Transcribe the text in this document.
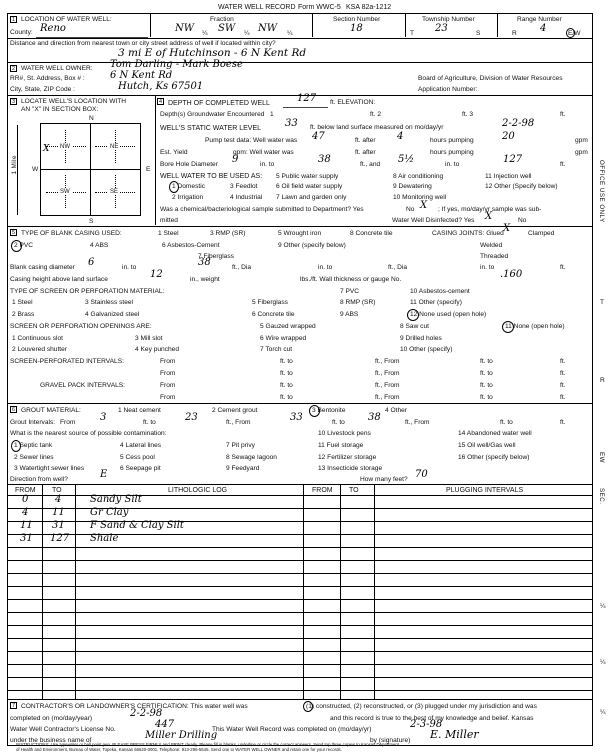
WATER WELL RECORD Form WWC-5 KSA 82a-1212
1 LOCATION OF WATER WELL:	Fraction	Section Number	Township Number	Range Number
County: Reno	NW ¼ SW ¼ NW ¼	18	T 23	S	R 4	E/W
Distance and direction from nearest town or city street address of well if located within city?
3 mi E of Hutchinson - 6 N Kent Rd
2 WATER WELL OWNER: Tom Darling - Mark Boese
RR#, St. Address, Box # :	6 N Kent Rd	Board of Agriculture, Division of Water Resources
City, State, ZIP Code :	Hutch, Ks 67501	Application Number:
3 LOCATE WELL'S LOCATION WITH
AN "X" IN SECTION BOX:
N
S
W	E
1 Mile
NW	NE
SW	SE
X
4 DEPTH OF COMPLETED WELL	127 ft. ELEVATION:
Depth(s) Groundwater Encountered 1	ft. 2	ft. 3	ft.
WELL'S STATIC WATER LEVEL 33 ft. below land surface measured on mo/day/yr	2-2-98
Pump test data: Well water was 47	ft. after 4	hours pumping	20	gpm
Est. Yield	gpm: Well water was	ft. after	hours pumping	gpm
Bore Hole Diameter 9	in. to	38	ft., and 5½	in. to	127	ft.
WELL WATER TO BE USED AS:
1 Domestic	3 Feedlot
5 Public water supply	8 Air conditioning	11 Injection well
2 Irrigation	4 Industrial
6 Oil field water supply	9 Dewatering	12 Other (Specify below)
7 Lawn and garden only	10 Monitoring well
Was a chemical/bacteriological sample submitted to Department? Yes	No X ; If yes, mo/day/yr sample was sub-
mitted	Water Well Disinfected? Yes X	No
5 TYPE OF BLANK CASING USED:	1 Steel	3 RMP (SR)	5 Wrought iron	8 Concrete tile	CASING JOINTS: Glued X	Clamped
2 PVC	4 ABS	6 Asbestos-Cement	9 Other (specify below)	Welded
7 Fiberglass	Threaded
Blank casing diameter 6	in. to	38	ft., Dia	in. to	ft., Dia	in. to	ft.
Casing height above land surface	12	in., weight	lbs./ft. Wall thickness or gauge No.	.160
TYPE OF SCREEN OR PERFORATION MATERIAL:	7 PVC	10 Asbestos-cement
1 Steel	3 Stainless steel	5 Fiberglass	8 RMP (SR)	11 Other (specify)
2 Brass	4 Galvanized steel	6 Concrete tile	9 ABS	12 None used (open hole)
SCREEN OR PERFORATION OPENINGS ARE:	5 Gauzed wrapped	8 Saw cut	11 None (open hole)
1 Continuous slot	3 Mill slot	6 Wire wrapped	9 Drilled holes
2 Louvered shutter	4 Key punched	7 Torch cut	10 Other (specify)
SCREEN-PERFORATED INTERVALS:	From	ft. to	ft., From	ft. to	ft.
From	ft. to	ft., From	ft. to	ft.
GRAVEL PACK INTERVALS:	From	ft. to	ft., From	ft. to	ft.
From	ft. to	ft., From	ft. to	ft.
6 GROUT MATERIAL:	1 Neat cement	2 Cement grout	3 Bentonite	4 Other
Grout Intervals: From 3	ft. to	23	ft., From	33	ft. to 38	ft., From	ft. to	ft.
What is the nearest source of possible contamination:	10 Livestock pens	14 Abandoned water well
1 Septic tank	4 Lateral lines	7 Pit privy	11 Fuel storage	15 Oil well/Gas well
2 Sewer lines	5 Cess pool	8 Sewage lagoon	12 Fertilizer storage	16 Other (specify below)
3 Watertight sewer lines	6 Seepage pit	9 Feedyard	13 Insecticide storage
Direction from well?	E	How many feet? 70
FROM TO	LITHOLOGIC LOG	FROM TO	PLUGGING INTERVALS
0	4	Sandy Silt
4 11	Gr Clay
11 31	F Sand & Clay Silt
31 127 Shale
7 CONTRACTOR'S OR LANDOWNER'S CERTIFICATION: This water well was	(1) constructed, (2) reconstructed, or (3) plugged under my jurisdiction and was
completed on (mo/day/year)	2-2-98	and this record is true to the best of my knowledge and belief. Kansas
Water Well Contractor's License No.	447	This Water Well Record was completed on (mo/day/yr)	2-3-98
under the business name of	Miller Drilling	by (signature) E. Miller
INSTRUCTIONS: Use typewriter or ball point pen. PLEASE PRESS FIRMLY and PRINT clearly. Please fill in blanks, underline or circle the correct answers. Send top three copies to Kansas Department
of Health and Environment, Bureau of Water, Topeka, Kansas 66620-0001. Telephone: 913-296-5545. Send one to WATER WELL OWNER and retain one for your records.
OFFICE USE ONLY
T
R
EW
SEC.
¼
¼
¼
